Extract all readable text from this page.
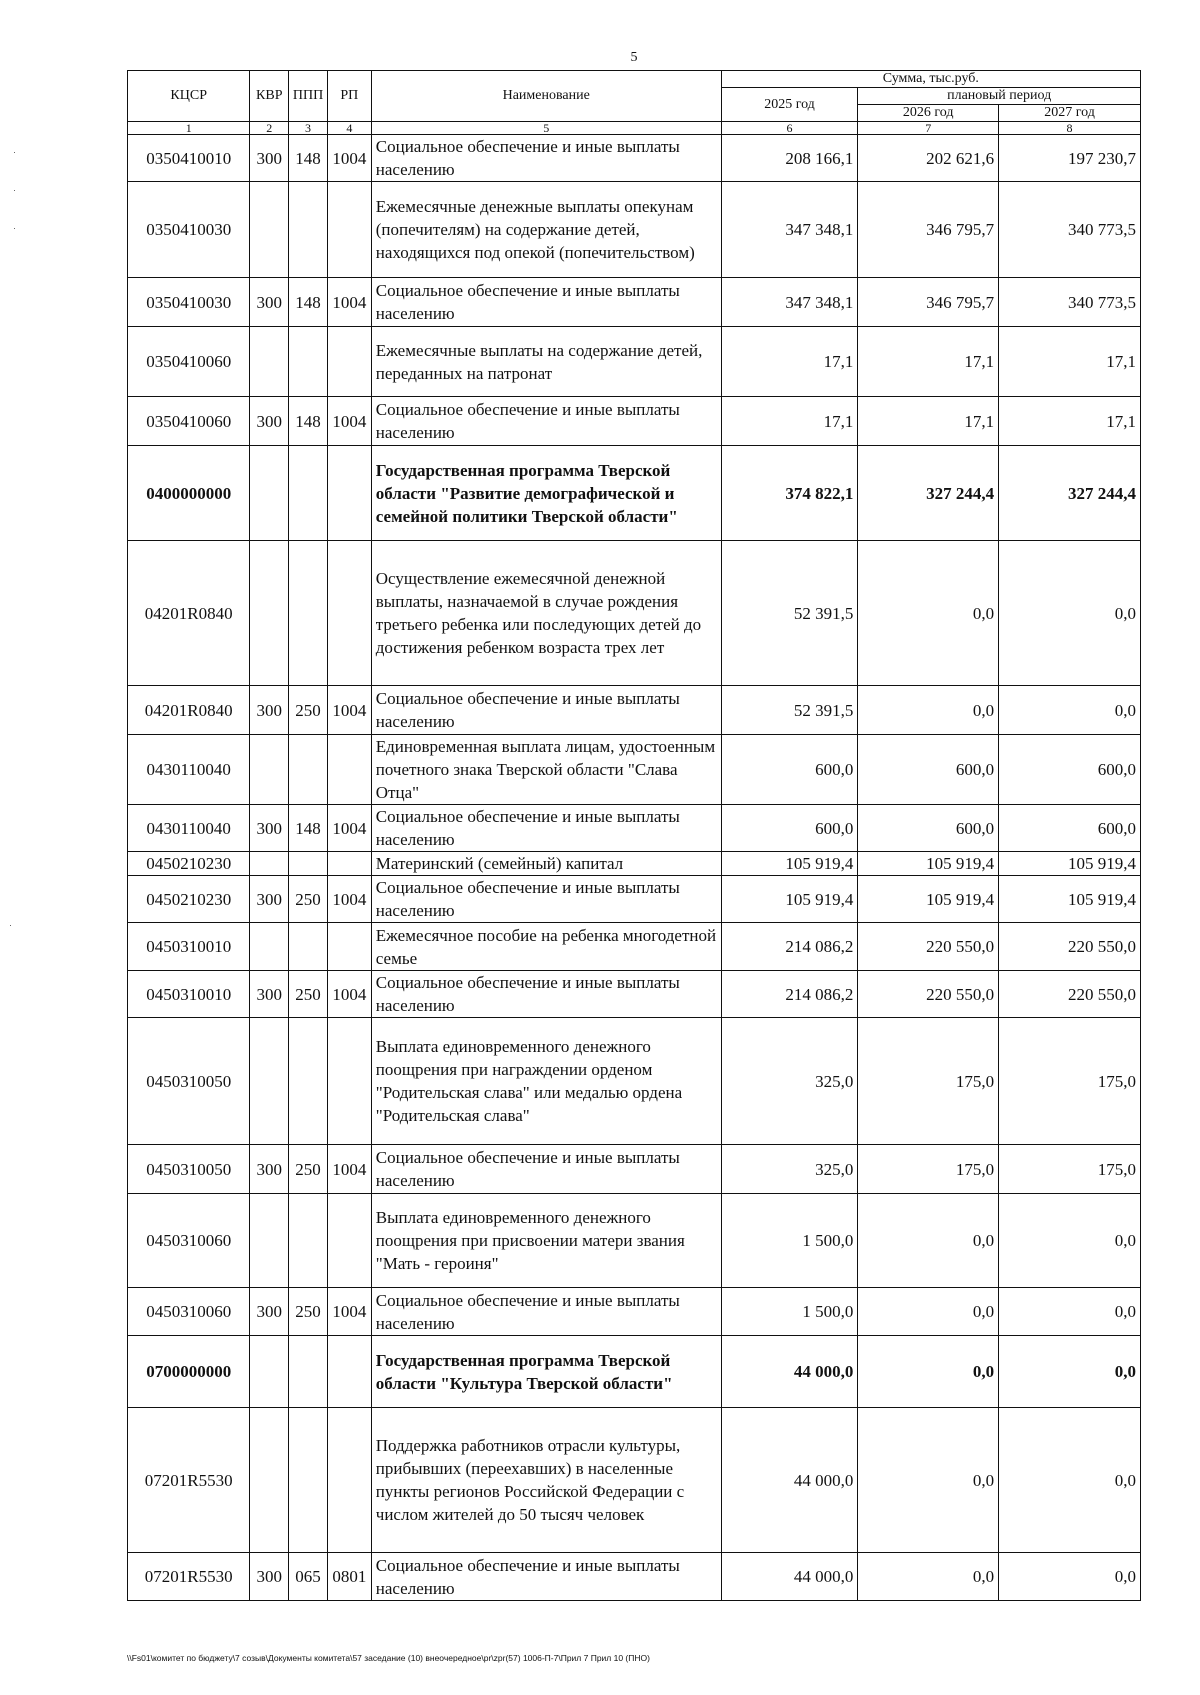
5
КЦСР	КВР	ППП	РП	Наименование	Сумма, тыс.руб.		
					2025 год	плановый период	
						2026 год	2027 год
1	2	3	4	5	6	7	8
0350410010	300	148	1004	Социальное обеспечение и иные выплаты населению	208 166,1	202 621,6	197 230,7
0350410030				Ежемесячные денежные выплаты опекунам (попечителям) на содержание детей, находящихся под опекой (попечительством)	347 348,1	346 795,7	340 773,5
0350410030	300	148	1004	Социальное обеспечение и иные выплаты населению	347 348,1	346 795,7	340 773,5
0350410060				Ежемесячные выплаты на содержание детей, переданных на патронат	17,1	17,1	17,1
0350410060	300	148	1004	Социальное обеспечение и иные выплаты населению	17,1	17,1	17,1
0400000000				Государственная программа Тверской области "Развитие демографической и семейной политики Тверской области"	374 822,1	327 244,4	327 244,4
04201R0840				Осуществление ежемесячной денежной выплаты, назначаемой в случае рождения третьего ребенка или последующих детей до достижения ребенком возраста трех лет	52 391,5	0,0	0,0
04201R0840	300	250	1004	Социальное обеспечение и иные выплаты населению	52 391,5	0,0	0,0
0430110040				Единовременная выплата лицам, удостоенным почетного знака Тверской области "Слава Отца"	600,0	600,0	600,0
0430110040	300	148	1004	Социальное обеспечение и иные выплаты населению	600,0	600,0	600,0
0450210230				Материнский (семейный) капитал	105 919,4	105 919,4	105 919,4
0450210230	300	250	1004	Социальное обеспечение и иные выплаты населению	105 919,4	105 919,4	105 919,4
0450310010				Ежемесячное пособие на ребенка многодетной семье	214 086,2	220 550,0	220 550,0
0450310010	300	250	1004	Социальное обеспечение и иные выплаты населению	214 086,2	220 550,0	220 550,0
0450310050				Выплата единовременного денежного поощрения при награждении орденом "Родительская слава" или медалью ордена "Родительская слава"	325,0	175,0	175,0
0450310050	300	250	1004	Социальное обеспечение и иные выплаты населению	325,0	175,0	175,0
0450310060				Выплата единовременного денежного поощрения при присвоении матери звания "Мать - героиня"	1 500,0	0,0	0,0
0450310060	300	250	1004	Социальное обеспечение и иные выплаты населению	1 500,0	0,0	0,0
0700000000				Государственная программа Тверской области "Культура Тверской области"	44 000,0	0,0	0,0
07201R5530				Поддержка работников отрасли культуры, прибывших (переехавших) в населенные пункты регионов Российской Федерации с числом жителей до 50 тысяч человек	44 000,0	0,0	0,0
07201R5530	300	065	0801	Социальное обеспечение и иные выплаты населению	44 000,0	0,0	0,0
\\Fs01\комитет по бюджету\7 созыв\Документы комитета\57 заседание (10) внеочередное\pr\zpr(57) 1006-П-7\Прил 7 Прил 10 (ПНО)
